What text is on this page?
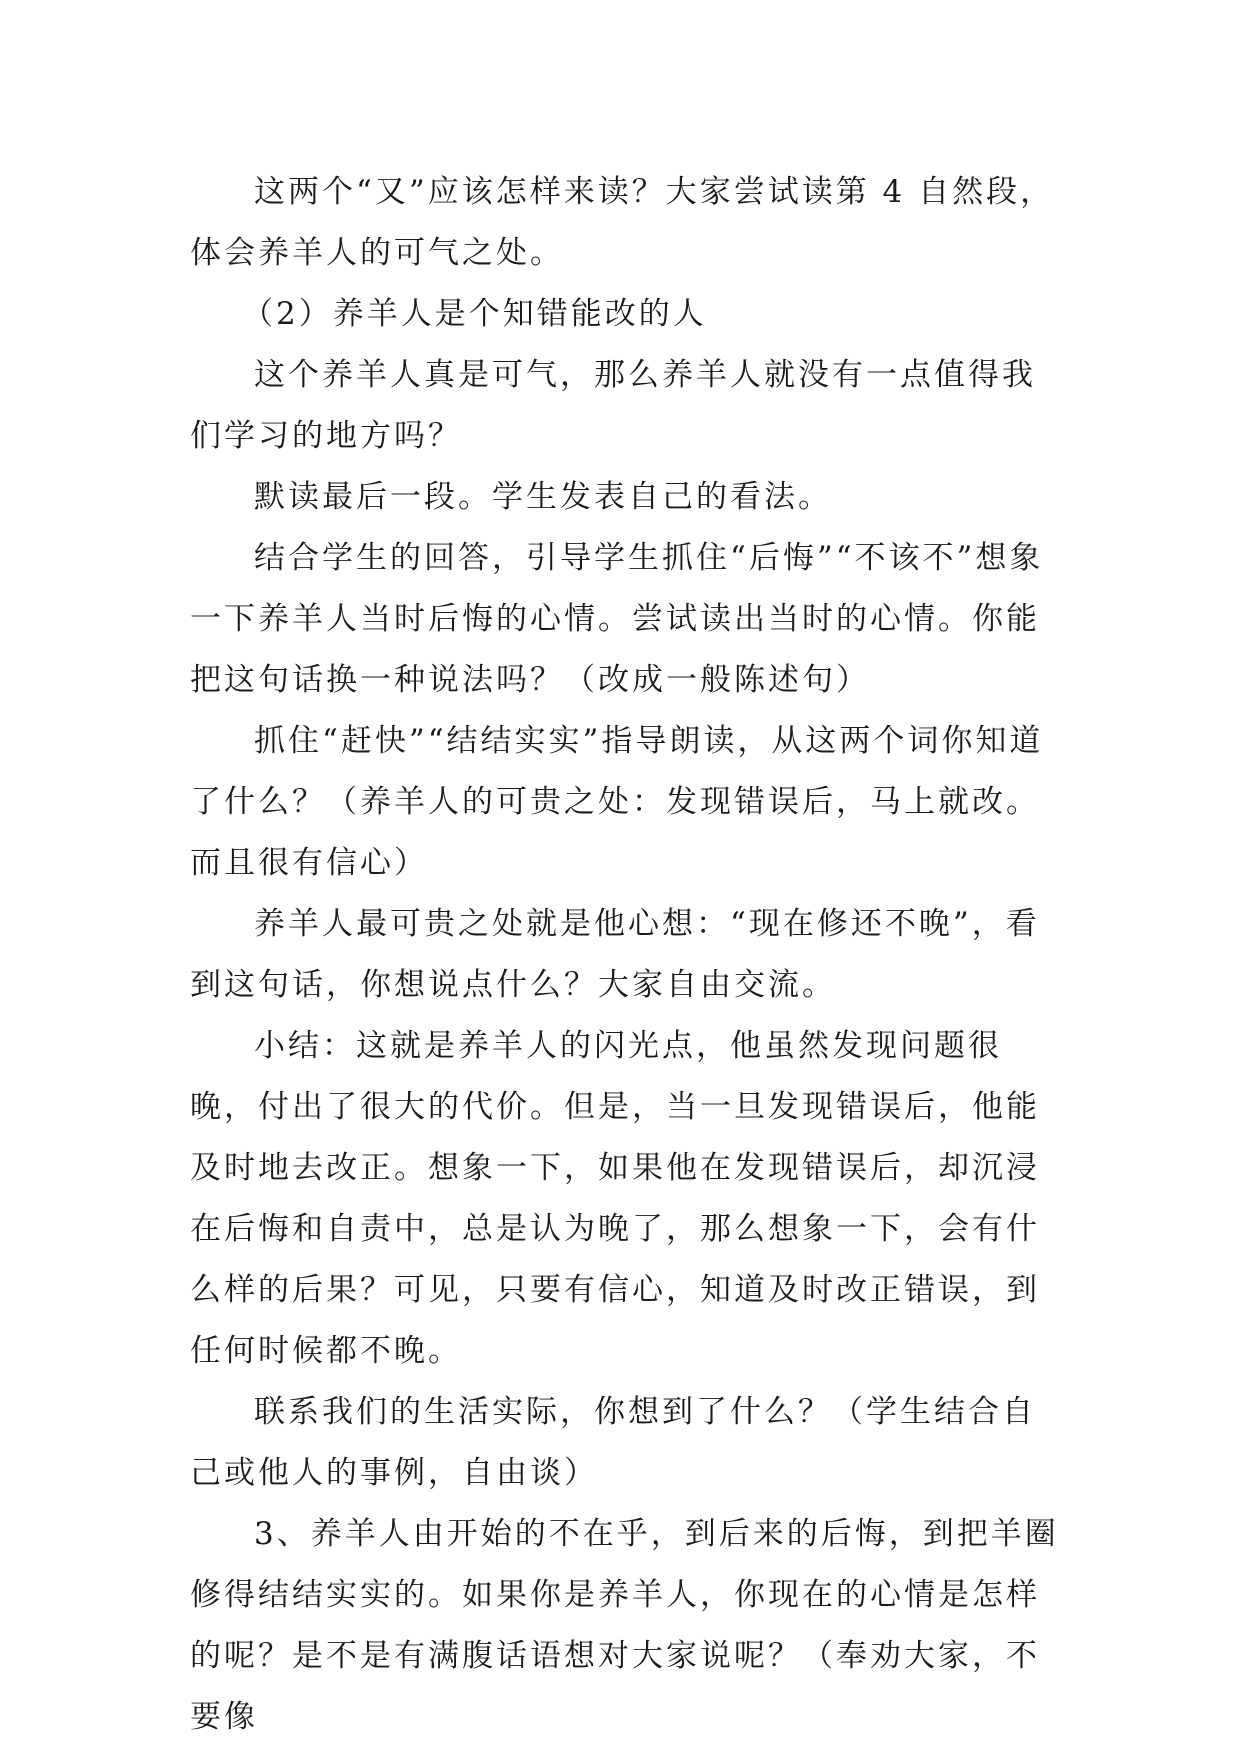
这两个“又”应该怎样来读？大家尝试读第 4 自然段，体会养羊人的可气之处。

（2）养羊人是个知错能改的人

这个养羊人真是可气，那么养羊人就没有一点值得我们学习的地方吗？

默读最后一段。学生发表自己的看法。

结合学生的回答，引导学生抓住“后悔”“不该不”想象一下养羊人当时后悔的心情。尝试读出当时的心情。你能把这句话换一种说法吗？（改成一般陈述句）

抓住“赶快”“结结实实”指导朗读，从这两个词你知道了什么？（养羊人的可贵之处：发现错误后，马上就改。而且很有信心）

养羊人最可贵之处就是他心想：“现在修还不晚”，看到这句话，你想说点什么？大家自由交流。

小结：这就是养羊人的闪光点，他虽然发现问题很晚，付出了很大的代价。但是，当一旦发现错误后，他能及时地去改正。想象一下，如果他在发现错误后，却沉浸在后悔和自责中，总是认为晚了，那么想象一下，会有什么样的后果？可见，只要有信心，知道及时改正错误，到任何时候都不晚。

联系我们的生活实际，你想到了什么？（学生结合自己或他人的事例，自由谈）

3、养羊人由开始的不在乎，到后来的后悔，到把羊圈修得结结实实的。如果你是养羊人，你现在的心情是怎样的呢？是不是有满腹话语想对大家说呢？（奉劝大家，不要像
